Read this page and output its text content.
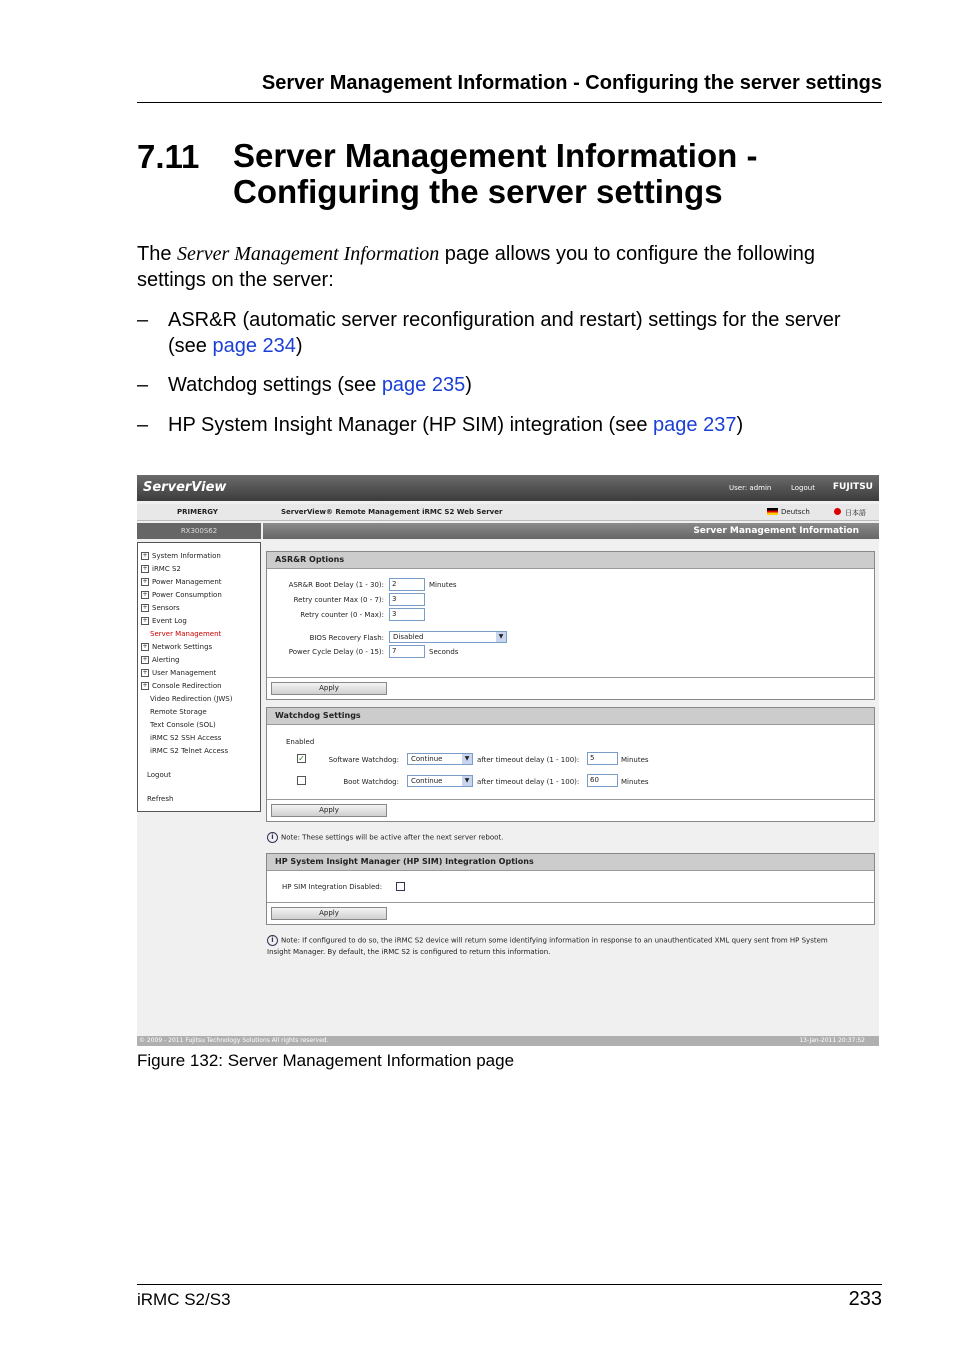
Server Management Information - Configuring the server settings
7.11 Server Management Information -
Configuring the server settings
The Server Management Information page allows you to configure the following
settings on the server:
– ASR&R (automatic server reconfiguration and restart) settings for the server
(see page 234)
– Watchdog settings (see page 235)
– HP System Insight Manager (HP SIM) integration (see page 237)
ServerView	User: admin	Logout FUJITSU
PRIMERGY	ServerView® Remote Management iRMC S2 Web Server	Deutsch	日本語
RX300S62	Server Management Information
+ System Information
+ iRMC S2
+ Power Management
+ Power Consumption
+ Sensors
+ Event Log
Server Management
+ Network Settings
+ Alerting
+ User Management
+ Console Redirection
Video Redirection (JWS)
Remote Storage
Text Console (SOL)
iRMC S2 SSH Access
iRMC S2 Telnet Access
Logout
Refresh
ASR&R Options
ASR&R Boot Delay (1 - 30):	2	Minutes
Retry counter Max (0 - 7):	3
Retry counter (0 - Max):	3
BIOS Recovery Flash:	Disabled	▼
Power Cycle Delay (0 - 15):	7	Seconds
Apply
Watchdog Settings
Enabled
✓	Software Watchdog:	Continue	▼	after timeout delay (1 - 100):	5	Minutes
Boot Watchdog:	Continue	▼	after timeout delay (1 - 100):	60	Minutes
Apply
i Note: These settings will be active after the next server reboot.
HP System Insight Manager (HP SIM) Integration Options
HP SIM Integration Disabled:
Apply
i Note: If configured to do so, the iRMC S2 device will return some identifying information in response to an unauthenticated XML query sent from HP System
Insight Manager. By default, the iRMC S2 is configured to return this information.
© 2009 - 2011 Fujitsu Technology Solutions All rights reserved.	13-Jan-2011 20:37:52
Figure 132: Server Management Information page
iRMC S2/S3	233
